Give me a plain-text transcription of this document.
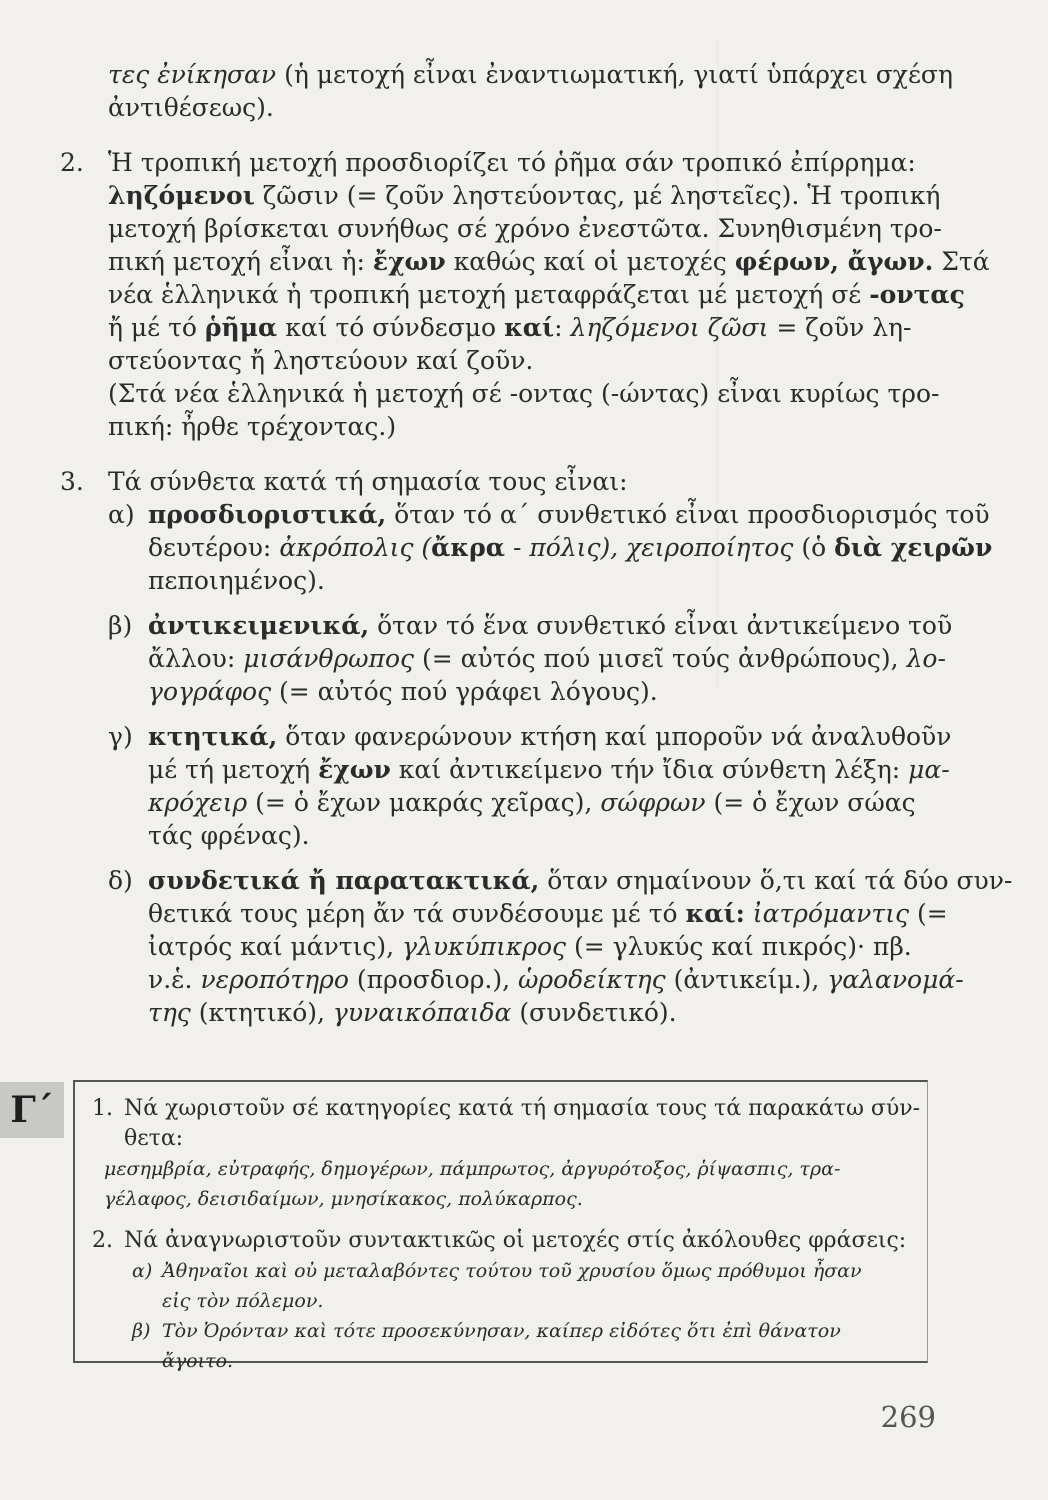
τες ἐνίκησαν (ἡ μετοχή εἶναι ἐναντιωματική, γιατί ὑπάρχει σχέση
ἀντιθέσεως).
2. Ἡ τροπική μετοχή προσδιορίζει τό ῥῆμα σάν τροπικό ἐπίρρημα:
ληζόμενοι ζῶσιν (= ζοῦν ληστεύοντας, μέ ληστεῖες). Ἡ τροπική
μετοχή βρίσκεται συνήθως σέ χρόνο ἐνεστῶτα. Συνηθισμένη τρο-
πική μετοχή εἶναι ἡ: ἔχων καθώς καί οἱ μετοχές φέρων, ἄγων. Στά
νέα ἑλληνικά ἡ τροπική μετοχή μεταφράζεται μέ μετοχή σέ -οντας
ἤ μέ τό ῥῆμα καί τό σύνδεσμο καί: ληζόμενοι ζῶσι = ζοῦν λη-
στεύοντας ἤ ληστεύουν καί ζοῦν.
(Στά νέα ἑλληνικά ἡ μετοχή σέ -οντας (-ώντας) εἶναι κυρίως τρο-
πική: ἦρθε τρέχοντας.)
3. Τά σύνθετα κατά τή σημασία τους εἶναι:
α) προσδιοριστικά, ὅταν τό α΄ συνθετικό εἶναι προσδιορισμός τοῦ
δευτέρου: ἀκρόπολις (ἄκρα - πόλις), χειροποίητος (ὁ διὰ χειρῶν
πεποιημένος).
β) ἀντικειμενικά, ὅταν τό ἕνα συνθετικό εἶναι ἀντικείμενο τοῦ
ἄλλου: μισάνθρωπος (= αὐτός πού μισεῖ τούς ἀνθρώπους), λο-
γογράφος (= αὐτός πού γράφει λόγους).
γ) κτητικά, ὅταν φανερώνουν κτήση καί μποροῦν νά ἀναλυθοῦν
μέ τή μετοχή ἔχων καί ἀντικείμενο τήν ἴδια σύνθετη λέξη: μα-
κρόχειρ (= ὁ ἔχων μακράς χεῖρας), σώφρων (= ὁ ἔχων σώας
τάς φρένας).
δ) συνδετικά ἤ παρατακτικά, ὅταν σημαίνουν ὅ,τι καί τά δύο συν-
θετικά τους μέρη ἄν τά συνδέσουμε μέ τό καί: ἰατρόμαντις (=
ἰατρός καί μάντις), γλυκύπικρος (= γλυκύς καί πικρός)· πβ.
ν.ἑ. νεροπότηρο (προσδιορ.), ὡροδείκτης (ἀντικείμ.), γαλανομά-
της (κτητικό), γυναικόπαιδα (συνδετικό).
Γ΄	1. Νά χωριστοῦν σέ κατηγορίες κατά τή σημασία τους τά παρακάτω σύν-
θετα:
μεσημβρία, εὐτραφής, δημογέρων, πάμπρωτος, ἀργυρότοξος, ῥίψασπις, τρα-
γέλαφος, δεισιδαίμων, μνησίκακος, πολύκαρπος.
2. Νά ἀναγνωριστοῦν συντακτικῶς οἱ μετοχές στίς ἀκόλουθες φράσεις:
α) Ἀθηναῖοι καὶ οὐ μεταλαβόντες τούτου τοῦ χρυσίου ὅμως πρόθυμοι ἦσαν
εἰς τὸν πόλεμον.
β) Τὸν Ὀρόνταν καὶ τότε προσεκύνησαν, καίπερ εἰδότες ὅτι ἐπὶ θάνατον
ἄγοιτο.
269
